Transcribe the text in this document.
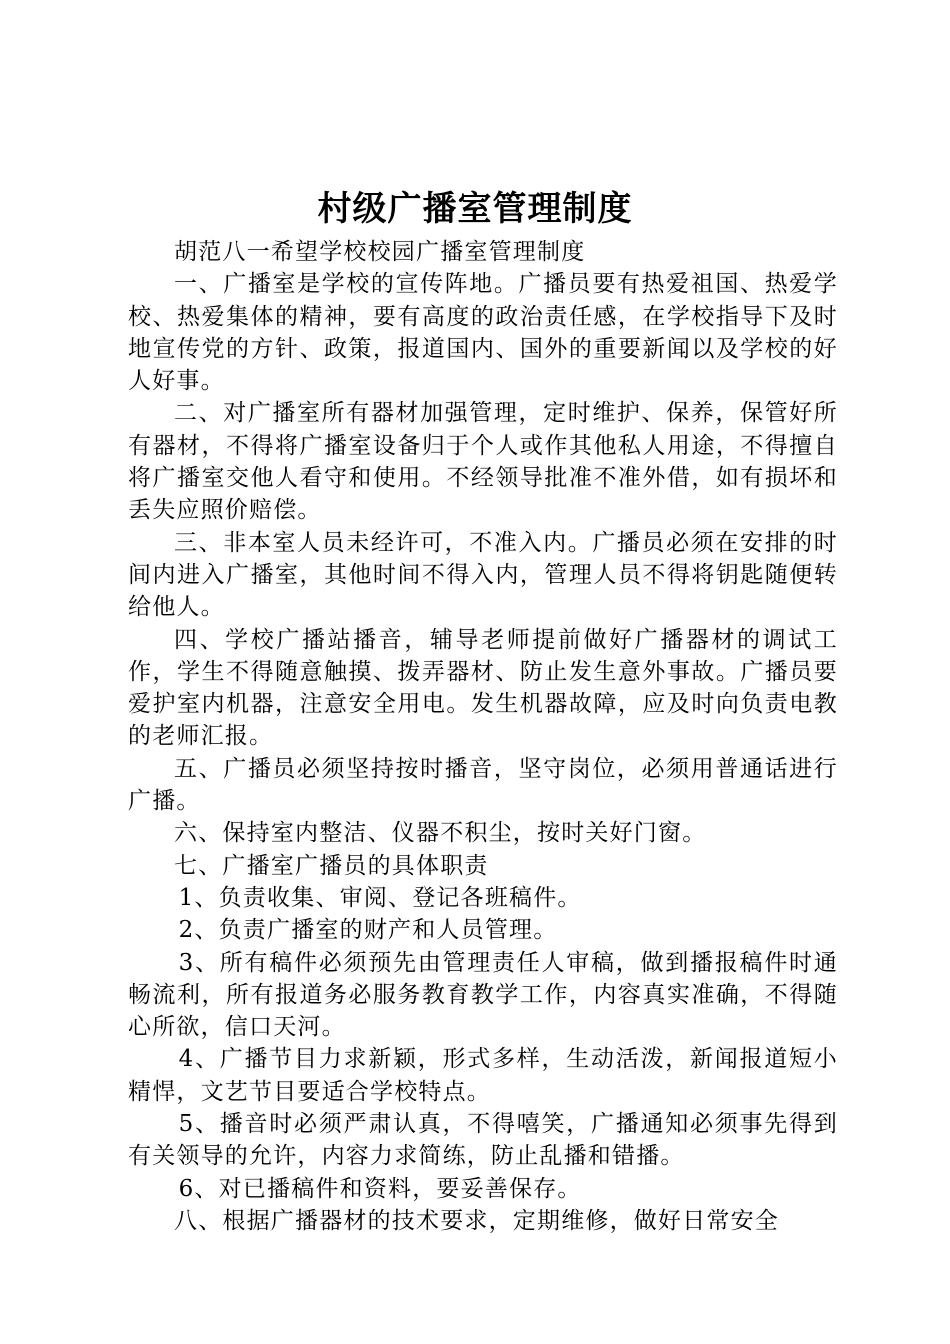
村级广播室管理制度

胡范八一希望学校校园广播室管理制度

一、广播室是学校的宣传阵地。广播员要有热爱祖国、热爱学校、热爱集体的精神，要有高度的政治责任感，在学校指导下及时地宣传党的方针、政策，报道国内、国外的重要新闻以及学校的好人好事。

二、对广播室所有器材加强管理，定时维护、保养，保管好所有器材，不得将广播室设备归于个人或作其他私人用途，不得擅自将广播室交他人看守和使用。不经领导批准不准外借，如有损坏和丢失应照价赔偿。

三、非本室人员未经许可，不准入内。广播员必须在安排的时间内进入广播室，其他时间不得入内，管理人员不得将钥匙随便转给他人。

四、学校广播站播音，辅导老师提前做好广播器材的调试工作，学生不得随意触摸、拨弄器材、防止发生意外事故。广播员要爱护室内机器，注意安全用电。发生机器故障，应及时向负责电教的老师汇报。

五、广播员必须坚持按时播音，坚守岗位，必须用普通话进行广播。

六、保持室内整洁、仪器不积尘，按时关好门窗。

七、广播室广播员的具体职责

1、负责收集、审阅、登记各班稿件。

2、负责广播室的财产和人员管理。

3、所有稿件必须预先由管理责任人审稿，做到播报稿件时通畅流利，所有报道务必服务教育教学工作，内容真实准确，不得随心所欲，信口天河。

4、广播节目力求新颖，形式多样，生动活泼，新闻报道短小精悍，文艺节目要适合学校特点。

5、播音时必须严肃认真，不得嘻笑，广播通知必须事先得到有关领导的允许，内容力求简练，防止乱播和错播。

6、对已播稿件和资料，要妥善保存。

八、根据广播器材的技术要求，定期维修，做好日常安全
